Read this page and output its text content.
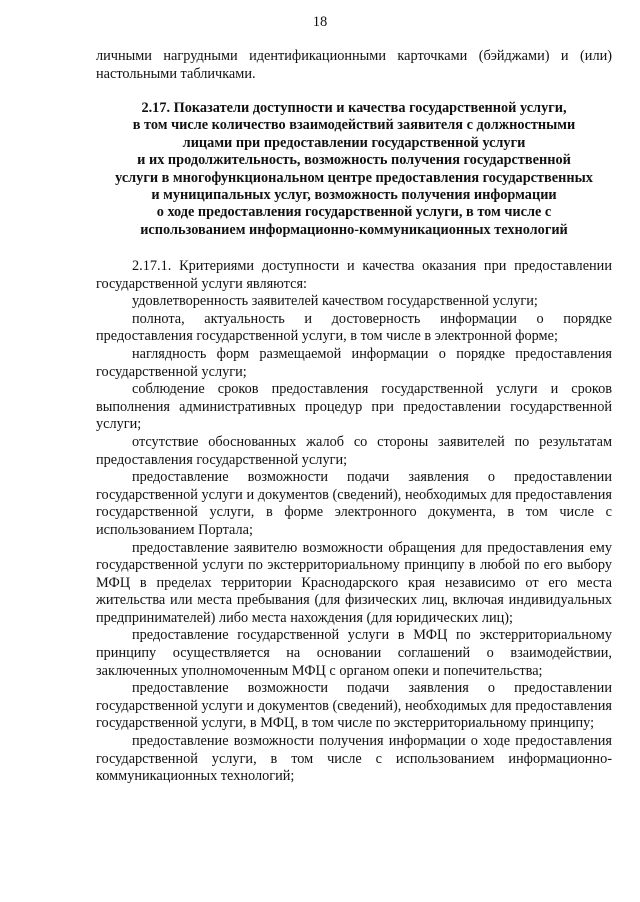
18

личными нагрудными идентификационными карточками (бэйджами) и (или) настольными табличками.

2.17. Показатели доступности и качества государственной услуги,
в том числе количество взаимодействий заявителя с должностными
лицами при предоставлении государственной услуги
и их продолжительность, возможность получения государственной
услуги в многофункциональном центре предоставления государственных
и муниципальных услуг, возможность получения информации
о ходе предоставления государственной услуги, в том числе с
использованием информационно-коммуникационных технологий

2.17.1. Критериями доступности и качества оказания при предоставлении государственной услуги являются:

удовлетворенность заявителей качеством государственной услуги;

полнота, актуальность и достоверность информации о порядке предоставления государственной услуги, в том числе в электронной форме;

наглядность форм размещаемой информации о порядке предоставления государственной услуги;

соблюдение сроков предоставления государственной услуги и сроков выполнения административных процедур при предоставлении государственной услуги;

отсутствие обоснованных жалоб со стороны заявителей по результатам предоставления государственной услуги;

предоставление возможности подачи заявления о предоставлении государственной услуги и документов (сведений), необходимых для предоставления государственной услуги, в форме электронного документа, в том числе с использованием Портала;

предоставление заявителю возможности обращения для предоставления ему государственной услуги по экстерриториальному принципу в любой по его выбору МФЦ в пределах территории Краснодарского края независимо от его места жительства или места пребывания (для физических лиц, включая индивидуальных предпринимателей) либо места нахождения (для юридических лиц);

предоставление государственной услуги в МФЦ по экстерриториальному принципу осуществляется на основании соглашений о взаимодействии, заключенных уполномоченным МФЦ с органом опеки и попечительства;

предоставление возможности подачи заявления о предоставлении государственной услуги и документов (сведений), необходимых для предоставления государственной услуги, в МФЦ, в том числе по экстерриториальному принципу;

предоставление возможности получения информации о ходе предоставления государственной услуги, в том числе с использованием информационно-коммуникационных технологий;
